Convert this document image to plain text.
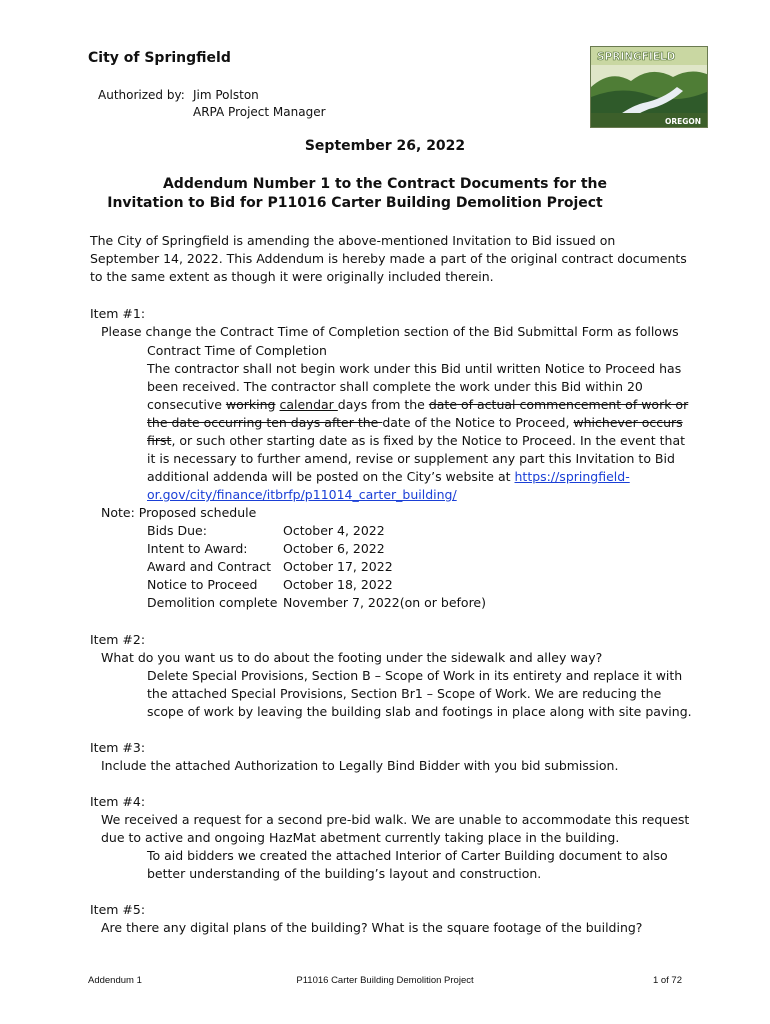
City of Springfield
Authorized by: Jim Polston
ARPA Project Manager
SPRINGFIELD
OREGON
September 26, 2022
Addendum Number 1 to the Contract Documents for the
Invitation to Bid for P11016 Carter Building Demolition Project
The City of Springfield is amending the above-mentioned Invitation to Bid issued on
September 14, 2022. This Addendum is hereby made a part of the original contract documents
to the same extent as though it were originally included therein.
Item #1:
Please change the Contract Time of Completion section of the Bid Submittal Form as follows
Contract Time of Completion
The contractor shall not begin work under this Bid until written Notice to Proceed has
been received. The contractor shall complete the work under this Bid within 20
consecutive working calendar days from the date of actual commencement of work or
the date occurring ten days after the date of the Notice to Proceed, whichever occurs
first, or such other starting date as is fixed by the Notice to Proceed. In the event that
it is necessary to further amend, revise or supplement any part this Invitation to Bid
additional addenda will be posted on the City’s website at https://springfield-
or.gov/city/finance/itbrfp/p11014_carter_building/
Note: Proposed schedule
Bids Due:	October 4, 2022
Intent to Award:	October 6, 2022
Award and Contract October 17, 2022
Notice to Proceed October 18, 2022
Demolition complete November 7, 2022(on or before)
Item #2:
What do you want us to do about the footing under the sidewalk and alley way?
Delete Special Provisions, Section B – Scope of Work in its entirety and replace it with
the attached Special Provisions, Section Br1 – Scope of Work. We are reducing the
scope of work by leaving the building slab and footings in place along with site paving.
Item #3:
Include the attached Authorization to Legally Bind Bidder with you bid submission.
Item #4:
We received a request for a second pre-bid walk. We are unable to accommodate this request
due to active and ongoing HazMat abetment currently taking place in the building.
To aid bidders we created the attached Interior of Carter Building document to also
better understanding of the building’s layout and construction.
Item #5:
Are there any digital plans of the building? What is the square footage of the building?
Addendum 1	P11016 Carter Building Demolition Project	1 of 72
